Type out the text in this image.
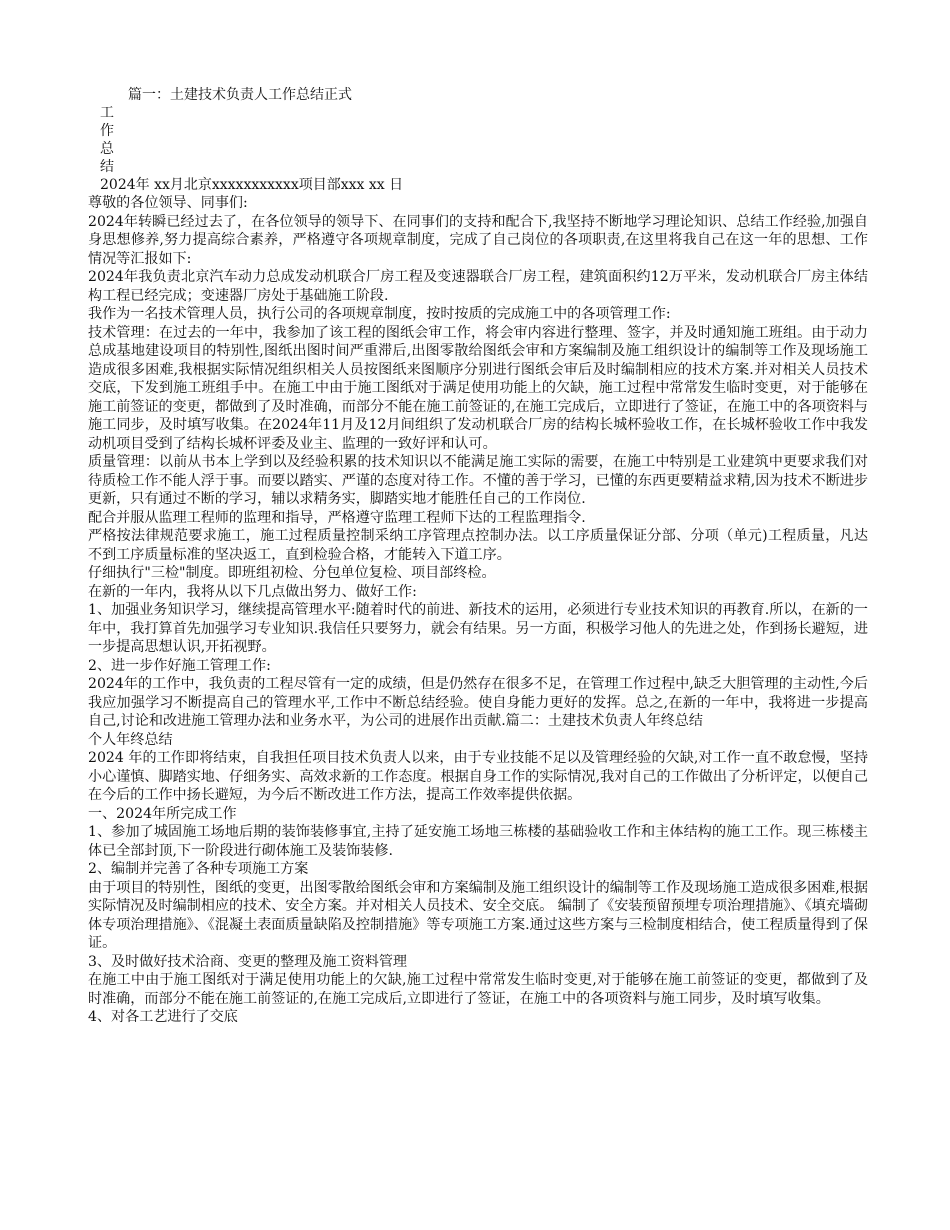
篇一：土建技术负责人工作总结正式
工
作
总
结
2024年 xx月北京xxxxxxxxxxx项目部xxx xx 日

尊敬的各位领导、同事们:

2024年转瞬已经过去了，在各位领导的领导下、在同事们的支持和配合下,我坚持不断地学习理论知识、总结工作经验,加强自身思想修养,努力提高综合素养，严格遵守各项规章制度，完成了自己岗位的各项职责,在这里将我自己在这一年的思想、工作情况等汇报如下:

2024年我负责北京汽车动力总成发动机联合厂房工程及变速器联合厂房工程，建筑面积约12万平米，发动机联合厂房主体结构工程已经完成；变速器厂房处于基础施工阶段.

我作为一名技术管理人员，执行公司的各项规章制度，按时按质的完成施工中的各项管理工作:

技术管理：在过去的一年中，我参加了该工程的图纸会审工作，将会审内容进行整理、签字，并及时通知施工班组。由于动力总成基地建设项目的特别性,图纸出图时间严重滞后,出图零散给图纸会审和方案编制及施工组织设计的编制等工作及现场施工造成很多困难,我根据实际情况组织相关人员按图纸来图顺序分别进行图纸会审后及时编制相应的技术方案.并对相关人员技术交底，下发到施工班组手中。在施工中由于施工图纸对于满足使用功能上的欠缺，施工过程中常常发生临时变更，对于能够在施工前签证的变更，都做到了及时准确，而部分不能在施工前签证的,在施工完成后，立即进行了签证，在施工中的各项资料与施工同步，及时填写收集。在2024年11月及12月间组织了发动机联合厂房的结构长城杯验收工作，在长城杯验收工作中我发动机项目受到了结构长城杯评委及业主、监理的一致好评和认可。

质量管理：以前从书本上学到以及经验积累的技术知识以不能满足施工实际的需要，在施工中特别是工业建筑中更要求我们对待质检工作不能人浮于事。而要以踏实、严谨的态度对待工作。不懂的善于学习，已懂的东西更要精益求精,因为技术不断进步更新，只有通过不断的学习，辅以求精务实，脚踏实地才能胜任自己的工作岗位.

配合并服从监理工程师的监理和指导，严格遵守监理工程师下达的工程监理指令.

严格按法律规范要求施工，施工过程质量控制采纳工序管理点控制办法。以工序质量保证分部、分项（单元)工程质量，凡达不到工序质量标准的坚决返工，直到检验合格，才能转入下道工序。

仔细执行"三检"制度。即班组初检、分包单位复检、项目部终检。

在新的一年内，我将从以下几点做出努力、做好工作:

1、加强业务知识学习，继续提高管理水平:随着时代的前进、新技术的运用，必须进行专业技术知识的再教育.所以，在新的一年中，我打算首先加强学习专业知识.我信任只要努力，就会有结果。另一方面，积极学习他人的先进之处，作到扬长避短，进一步提高思想认识,开拓视野。

2、进一步作好施工管理工作:

2024年的工作中，我负责的工程尽管有一定的成绩，但是仍然存在很多不足，在管理工作过程中,缺乏大胆管理的主动性,今后我应加强学习不断提高自己的管理水平,工作中不断总结经验。使自身能力更好的发挥。总之,在新的一年中，我将进一步提高自己,讨论和改进施工管理办法和业务水平，为公司的进展作出贡献.篇二：土建技术负责人年终总结

个人年终总结

2024 年的工作即将结束，自我担任项目技术负责人以来，由于专业技能不足以及管理经验的欠缺,对工作一直不敢怠慢，坚持小心谨慎、脚踏实地、仔细务实、高效求新的工作态度。根据自身工作的实际情况,我对自己的工作做出了分析评定，以便自己在今后的工作中扬长避短，为今后不断改进工作方法，提高工作效率提供依据。

一、2024年所完成工作

1、参加了城固施工场地后期的装饰装修事宜,主持了延安施工场地三栋楼的基础验收工作和主体结构的施工工作。现三栋楼主体已全部封顶,下一阶段进行砌体施工及装饰装修.

2、编制并完善了各种专项施工方案

由于项目的特别性，图纸的变更，出图零散给图纸会审和方案编制及施工组织设计的编制等工作及现场施工造成很多困难,根据实际情况及时编制相应的技术、安全方案。并对相关人员技术、安全交底。 编制了《安装预留预埋专项治理措施》、《填充墙砌体专项治理措施》、《混凝土表面质量缺陷及控制措施》等专项施工方案.通过这些方案与三检制度相结合，使工程质量得到了保证。

3、及时做好技术洽商、变更的整理及施工资料管理

在施工中由于施工图纸对于满足使用功能上的欠缺,施工过程中常常发生临时变更,对于能够在施工前签证的变更，都做到了及时准确，而部分不能在施工前签证的,在施工完成后,立即进行了签证，在施工中的各项资料与施工同步，及时填写收集。

4、对各工艺进行了交底
